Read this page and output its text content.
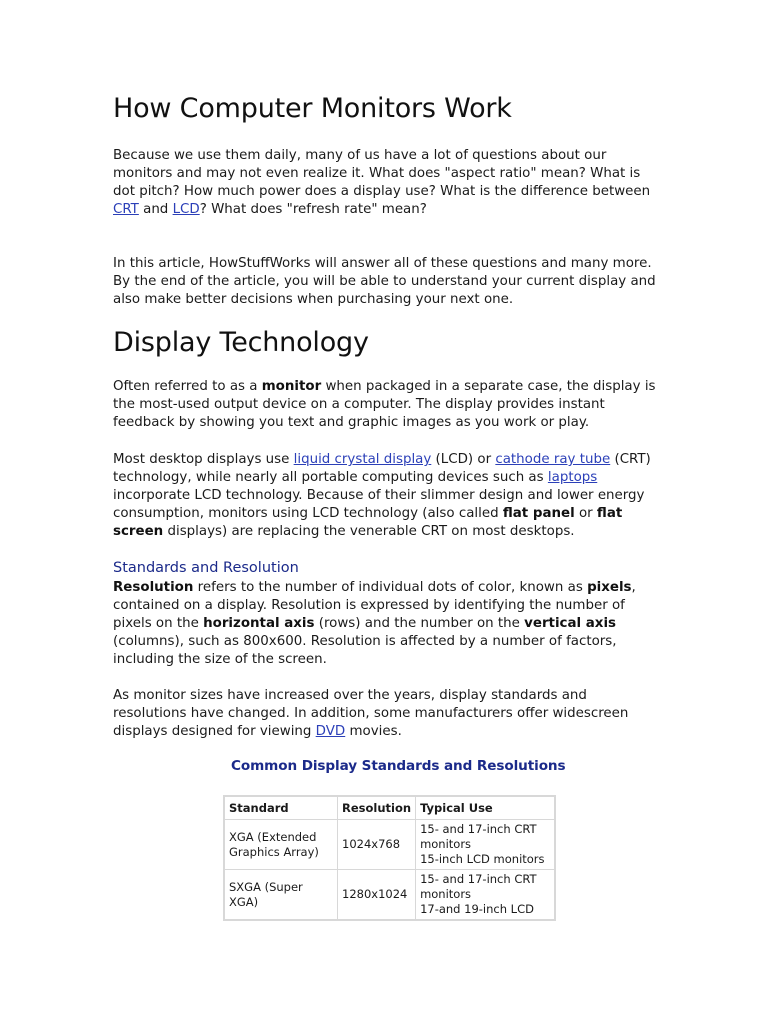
How Computer Monitors Work

Because we use them daily, many of us have a lot of questions about our monitors and may not even realize it. What does "aspect ratio" mean? What is dot pitch? How much power does a display use? What is the difference between CRT and LCD? What does "refresh rate" mean?

In this article, HowStuffWorks will answer all of these questions and many more. By the end of the article, you will be able to understand your current display and also make better decisions when purchasing your next one.

Display Technology

Often referred to as a monitor when packaged in a separate case, the display is the most-used output device on a computer. The display provides instant feedback by showing you text and graphic images as you work or play.

Most desktop displays use liquid crystal display (LCD) or cathode ray tube (CRT) technology, while nearly all portable computing devices such as laptops incorporate LCD technology. Because of their slimmer design and lower energy consumption, monitors using LCD technology (also called flat panel or flat screen displays) are replacing the venerable CRT on most desktops.

Standards and Resolution

Resolution refers to the number of individual dots of color, known as pixels, contained on a display. Resolution is expressed by identifying the number of pixels on the horizontal axis (rows) and the number on the vertical axis (columns), such as 800x600. Resolution is affected by a number of factors, including the size of the screen.

As monitor sizes have increased over the years, display standards and resolutions have changed. In addition, some manufacturers offer widescreen displays designed for viewing DVD movies.

Common Display Standards and Resolutions
Standard	Resolution	Typical Use
XGA (Extended Graphics Array)	1024x768	15- and 17-inch CRT monitors
15-inch LCD monitors

SXGA (Super XGA)	1280x1024	15- and 17-inch CRT monitors
17-and 19-inch LCD
